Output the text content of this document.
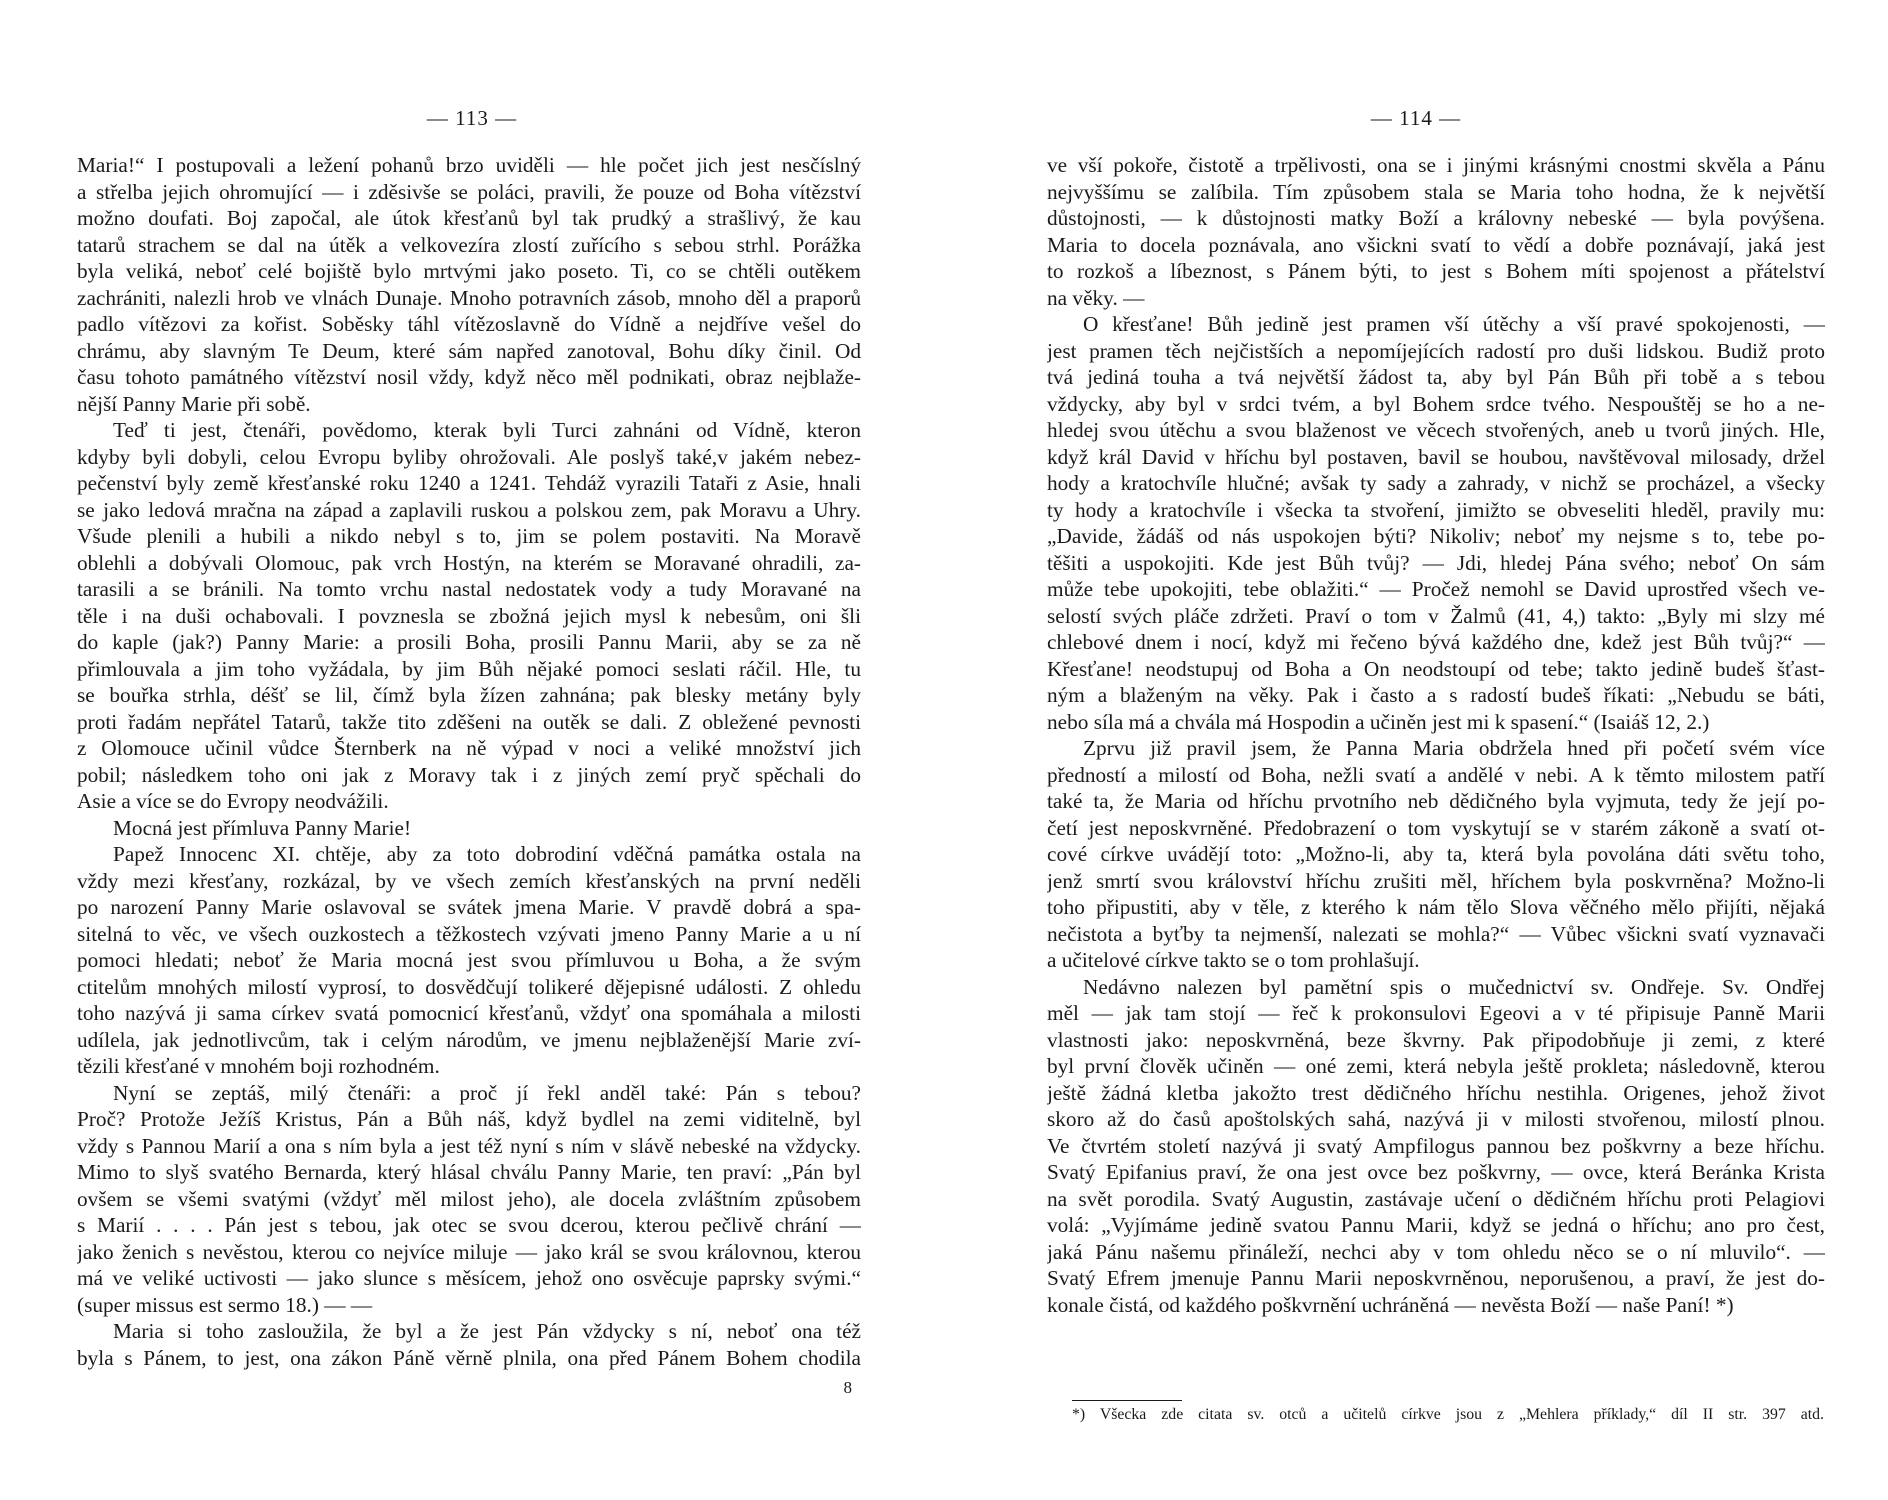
— 113 —
Maria!“ I postupovali a ležení pohanů brzo uviděli — hle počet jich jest nesčíslný
a střelba jejich ohromující — i zděsivše se poláci, pravili, že pouze od Boha vítězství
možno doufati. Boj započal, ale útok křesťanů byl tak prudký a strašlivý, že kau
tatarů strachem se dal na útěk a velkovezíra zlostí zuřícího s sebou strhl. Porážka
byla veliká, neboť celé bojiště bylo mrtvými jako poseto. Ti, co se chtěli outěkem
zachrániti, nalezli hrob ve vlnách Dunaje. Mnoho potravních zásob, mnoho děl a praporů
padlo vítězovi za kořist. Soběsky táhl vítězoslavně do Vídně a nejdříve vešel do
chrámu, aby slavným Te Deum, které sám napřed zanotoval, Bohu díky činil. Od
času tohoto památného vítězství nosil vždy, když něco měl podnikati, obraz nejblaže-
nější Panny Marie při sobě.
Teď ti jest, čtenáři, povědomo, kterak byli Turci zahnáni od Vídně, kteron
kdyby byli dobyli, celou Evropu byliby ohrožovali. Ale poslyš také,v jakém nebez-
pečenství byly země křesťanské roku 1240 a 1241. Tehdáž vyrazili Tataři z Asie, hnali
se jako ledová mračna na západ a zaplavili ruskou a polskou zem, pak Moravu a Uhry.
Všude plenili a hubili a nikdo nebyl s to, jim se polem postaviti. Na Moravě
oblehli a dobývali Olomouc, pak vrch Hostýn, na kterém se Moravané ohradili, za-
tarasili a se bránili. Na tomto vrchu nastal nedostatek vody a tudy Moravané na
těle i na duši ochabovali. I povznesla se zbožná jejich mysl k nebesům, oni šli
do kaple (jak?) Panny Marie: a prosili Boha, prosili Pannu Marii, aby se za ně
přimlouvala a jim toho vyžádala, by jim Bůh nějaké pomoci seslati ráčil. Hle, tu
se bouřka strhla, déšť se lil, čímž byla žízen zahnána; pak blesky metány byly
proti řadám nepřátel Tatarů, takže tito zděšeni na outěk se dali. Z obležené pevnosti
z Olomouce učinil vůdce Šternberk na ně výpad v noci a veliké množství jich
pobil; následkem toho oni jak z Moravy tak i z jiných zemí pryč spěchali do
Asie a více se do Evropy neodvážili.
Mocná jest přímluva Panny Marie!
Papež Innocenc XI. chtěje, aby za toto dobrodiní vděčná památka ostala na
vždy mezi křesťany, rozkázal, by ve všech zemích křesťanských na první neděli
po narození Panny Marie oslavoval se svátek jmena Marie. V pravdě dobrá a spa-
sitelná to věc, ve všech ouzkostech a těžkostech vzývati jmeno Panny Marie a u ní
pomoci hledati; neboť že Maria mocná jest svou přímluvou u Boha, a že svým
ctitelům mnohých milostí vyprosí, to dosvědčují tolikeré dějepisné události. Z ohledu
toho nazývá ji sama církev svatá pomocnicí křesťanů, vždyť ona spomáhala a milosti
udílela, jak jednotlivcům, tak i celým národům, ve jmenu nejblaženější Marie zví-
tězili křesťané v mnohém boji rozhodném.
Nyní se zeptáš, milý čtenáři: a proč jí řekl anděl také: Pán s tebou?
Proč? Protože Ježíš Kristus, Pán a Bůh náš, když bydlel na zemi viditelně, byl
vždy s Pannou Marií a ona s ním byla a jest též nyní s ním v slávě nebeské na vždycky.
Mimo to slyš svatého Bernarda, který hlásal chválu Panny Marie, ten praví: „Pán byl
ovšem se všemi svatými (vždyť měl milost jeho), ale docela zvláštním způsobem
s Marií . . . . Pán jest s tebou, jak otec se svou dcerou, kterou pečlivě chrání —
jako ženich s nevěstou, kterou co nejvíce miluje — jako král se svou královnou, kterou
má ve veliké uctivosti — jako slunce s měsícem, jehož ono osvěcuje paprsky svými.“
(super missus est sermo 18.) — —
Maria si toho zasloužila, že byl a že jest Pán vždycky s ní, neboť ona též
byla s Pánem, to jest, ona zákon Páně věrně plnila, ona před Pánem Bohem chodila
8
— 114 —
ve vší pokoře, čistotě a trpělivosti, ona se i jinými krásnými cnostmi skvěla a Pánu
nejvyššímu se zalíbila. Tím způsobem stala se Maria toho hodna, že k největší
důstojnosti, — k důstojnosti matky Boží a královny nebeské — byla povýšena.
Maria to docela poznávala, ano všickni svatí to vědí a dobře poznávají, jaká jest
to rozkoš a líbeznost, s Pánem býti, to jest s Bohem míti spojenost a přátelství
na věky. —
O křesťane! Bůh jedině jest pramen vší útěchy a vší pravé spokojenosti, —
jest pramen těch nejčistších a nepomíjejících radostí pro duši lidskou. Budiž proto
tvá jediná touha a tvá největší žádost ta, aby byl Pán Bůh při tobě a s tebou
vždycky, aby byl v srdci tvém, a byl Bohem srdce tvého. Nespouštěj se ho a ne-
hledej svou útěchu a svou blaženost ve věcech stvořených, aneb u tvorů jiných. Hle,
když král David v hříchu byl postaven, bavil se houbou, navštěvoval milosady, držel
hody a kratochvíle hlučné; avšak ty sady a zahrady, v nichž se procházel, a všecky
ty hody a kratochvíle i všecka ta stvoření, jimižto se obveseliti hleděl, pravily mu:
„Davide, žádáš od nás uspokojen býti? Nikoliv; neboť my nejsme s to, tebe po-
těšiti a uspokojiti. Kde jest Bůh tvůj? — Jdi, hledej Pána svého; neboť On sám
může tebe upokojiti, tebe oblažiti.“ — Pročež nemohl se David uprostřed všech ve-
selostí svých pláče zdržeti. Praví o tom v Žalmů (41, 4,) takto: „Byly mi slzy mé
chlebové dnem i nocí, když mi řečeno bývá každého dne, kdež jest Bůh tvůj?“ —
Křesťane! neodstupuj od Boha a On neodstoupí od tebe; takto jedině budeš šťast-
ným a blaženým na věky. Pak i často a s radostí budeš říkati: „Nebudu se báti,
nebo síla má a chvála má Hospodin a učiněn jest mi k spasení.“ (Isaiáš 12, 2.)
Zprvu již pravil jsem, že Panna Maria obdržela hned při početí svém více
předností a milostí od Boha, nežli svatí a andělé v nebi. A k těmto milostem patří
také ta, že Maria od hříchu prvotního neb dědičného byla vyjmuta, tedy že její po-
četí jest neposkvrněné. Předobrazení o tom vyskytují se v starém zákoně a svatí ot-
cové církve uvádějí toto: „Možno-li, aby ta, která byla povolána dáti světu toho,
jenž smrtí svou království hříchu zrušiti měl, hříchem byla poskvrněna? Možno-li
toho připustiti, aby v těle, z kterého k nám tělo Slova věčného mělo přijíti, nějaká
nečistota a byťby ta nejmenší, nalezati se mohla?“ — Vůbec všickni svatí vyznavači
a učitelové církve takto se o tom prohlašují.
Nedávno nalezen byl pamětní spis o mučednictví sv. Ondřeje. Sv. Ondřej
měl — jak tam stojí — řeč k prokonsulovi Egeovi a v té připisuje Panně Marii
vlastnosti jako: neposkvrněná, beze škvrny. Pak připodobňuje ji zemi, z které
byl první člověk učiněn — oné zemi, která nebyla ještě prokleta; následovně, kterou
ještě žádná kletba jakožto trest dědičného hříchu nestihla. Origenes, jehož život
skoro až do časů apoštolských sahá, nazývá ji v milosti stvořenou, milostí plnou.
Ve čtvrtém století nazývá ji svatý Ampfilogus pannou bez poškvrny a beze hříchu.
Svatý Epifanius praví, že ona jest ovce bez poškvrny, — ovce, která Beránka Krista
na svět porodila. Svatý Augustin, zastávaje učení o dědičném hříchu proti Pelagiovi
volá: „Vyjímáme jedině svatou Pannu Marii, když se jedná o hříchu; ano pro čest,
jaká Pánu našemu přináleží, nechci aby v tom ohledu něco se o ní mluvilo“. —
Svatý Efrem jmenuje Pannu Marii neposkvrněnou, neporušenou, a praví, že jest do-
konale čistá, od každého poškvrnění uchráněná — nevěsta Boží — naše Paní! *)
*) Všecka zde citata sv. otců a učitelů církve jsou z „Mehlera příklady,“ díl II str. 397 atd.
